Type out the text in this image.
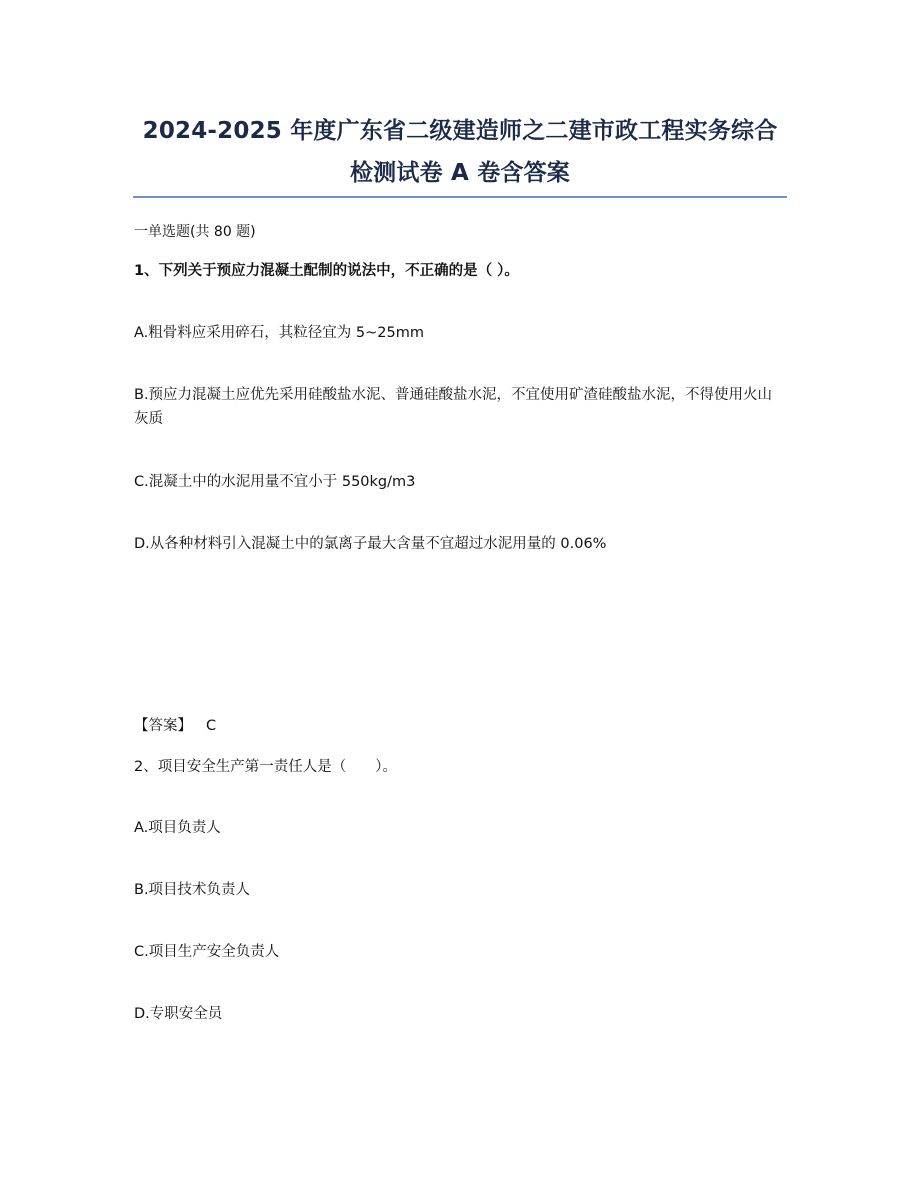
2024-2025 年度广东省二级建造师之二建市政工程实务综合
检测试卷 A 卷含答案

一单选题(共 80 题)

1、下列关于预应力混凝土配制的说法中，不正确的是（ ）。

A.粗骨料应采用碎石，其粒径宜为 5~25mm

B.预应力混凝土应优先采用硅酸盐水泥、普通硅酸盐水泥，不宜使用矿渣硅酸盐水泥，不得使用火山灰质

C.混凝土中的水泥用量不宜小于 550kg/m3

D.从各种材料引入混凝土中的氯离子最大含量不宜超过水泥用量的 0.06%

【答案】 C

2、项目安全生产第一责任人是（　　）。

A.项目负责人

B.项目技术负责人

C.项目生产安全负责人

D.专职安全员
